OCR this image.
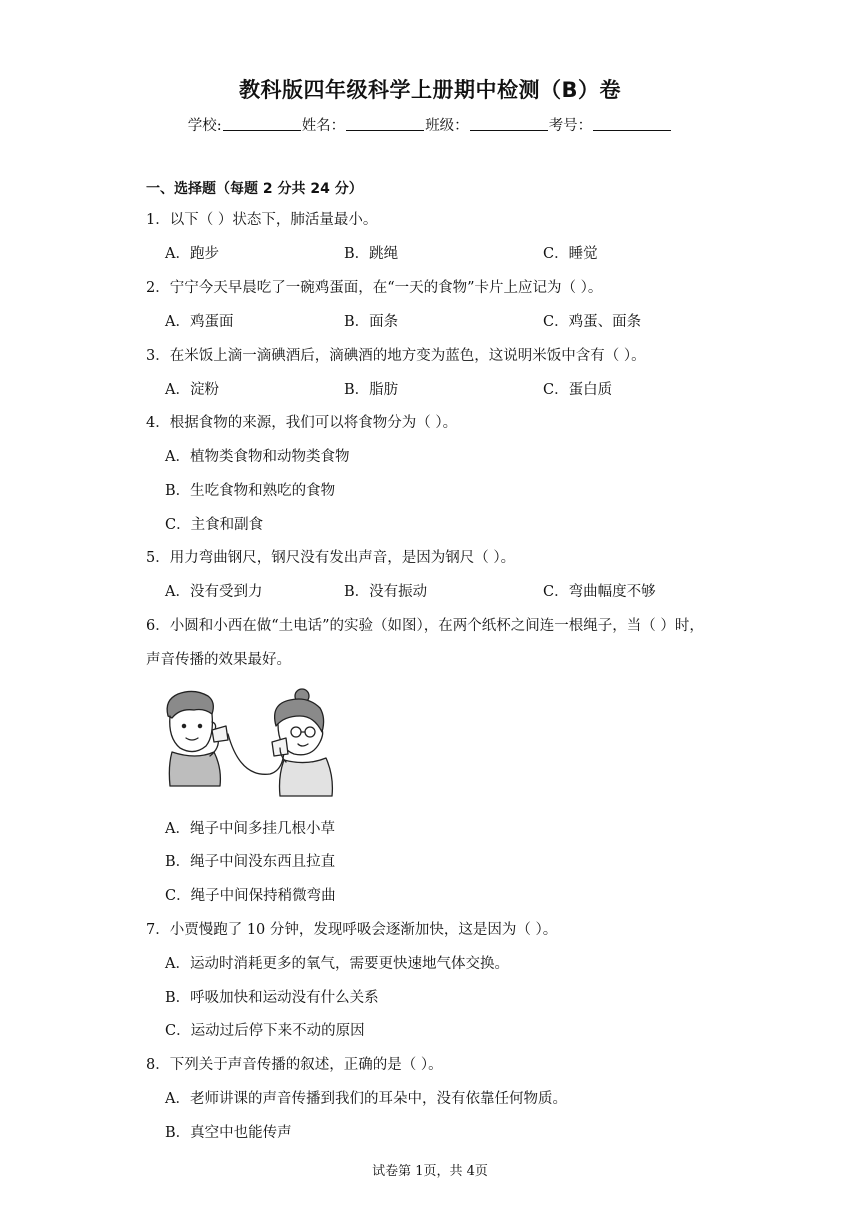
教科版四年级科学上册期中检测（B）卷
学校:	姓名：	班级：	考号：
一、选择题（每题 2 分共 24 分）
1．以下（ ）状态下，肺活量最小。
A．跑步	B．跳绳	C．睡觉
2．宁宁今天早晨吃了一碗鸡蛋面，在“一天的食物”卡片上应记为（ ）。
A．鸡蛋面	B．面条	C．鸡蛋、面条
3．在米饭上滴一滴碘酒后，滴碘酒的地方变为蓝色，这说明米饭中含有（ ）。
A．淀粉	B．脂肪	C．蛋白质
4．根据食物的来源，我们可以将食物分为（ ）。
A．植物类食物和动物类食物
B．生吃食物和熟吃的食物
C．主食和副食
5．用力弯曲钢尺，钢尺没有发出声音，是因为钢尺（ ）。
A．没有受到力	B．没有振动	C．弯曲幅度不够
6．小圆和小西在做“土电话”的实验（如图），在两个纸杯之间连一根绳子，当（ ）时，
声音传播的效果最好。
A．绳子中间多挂几根小草
B．绳子中间没东西且拉直
C．绳子中间保持稍微弯曲
7．小贾慢跑了 10 分钟，发现呼吸会逐渐加快，这是因为（ ）。
A．运动时消耗更多的氧气，需要更快速地气体交换。
B．呼吸加快和运动没有什么关系
C．运动过后停下来不动的原因
8．下列关于声音传播的叙述，正确的是（ ）。
A．老师讲课的声音传播到我们的耳朵中，没有依靠任何物质。
B．真空中也能传声
试卷第 1页，共 4页
